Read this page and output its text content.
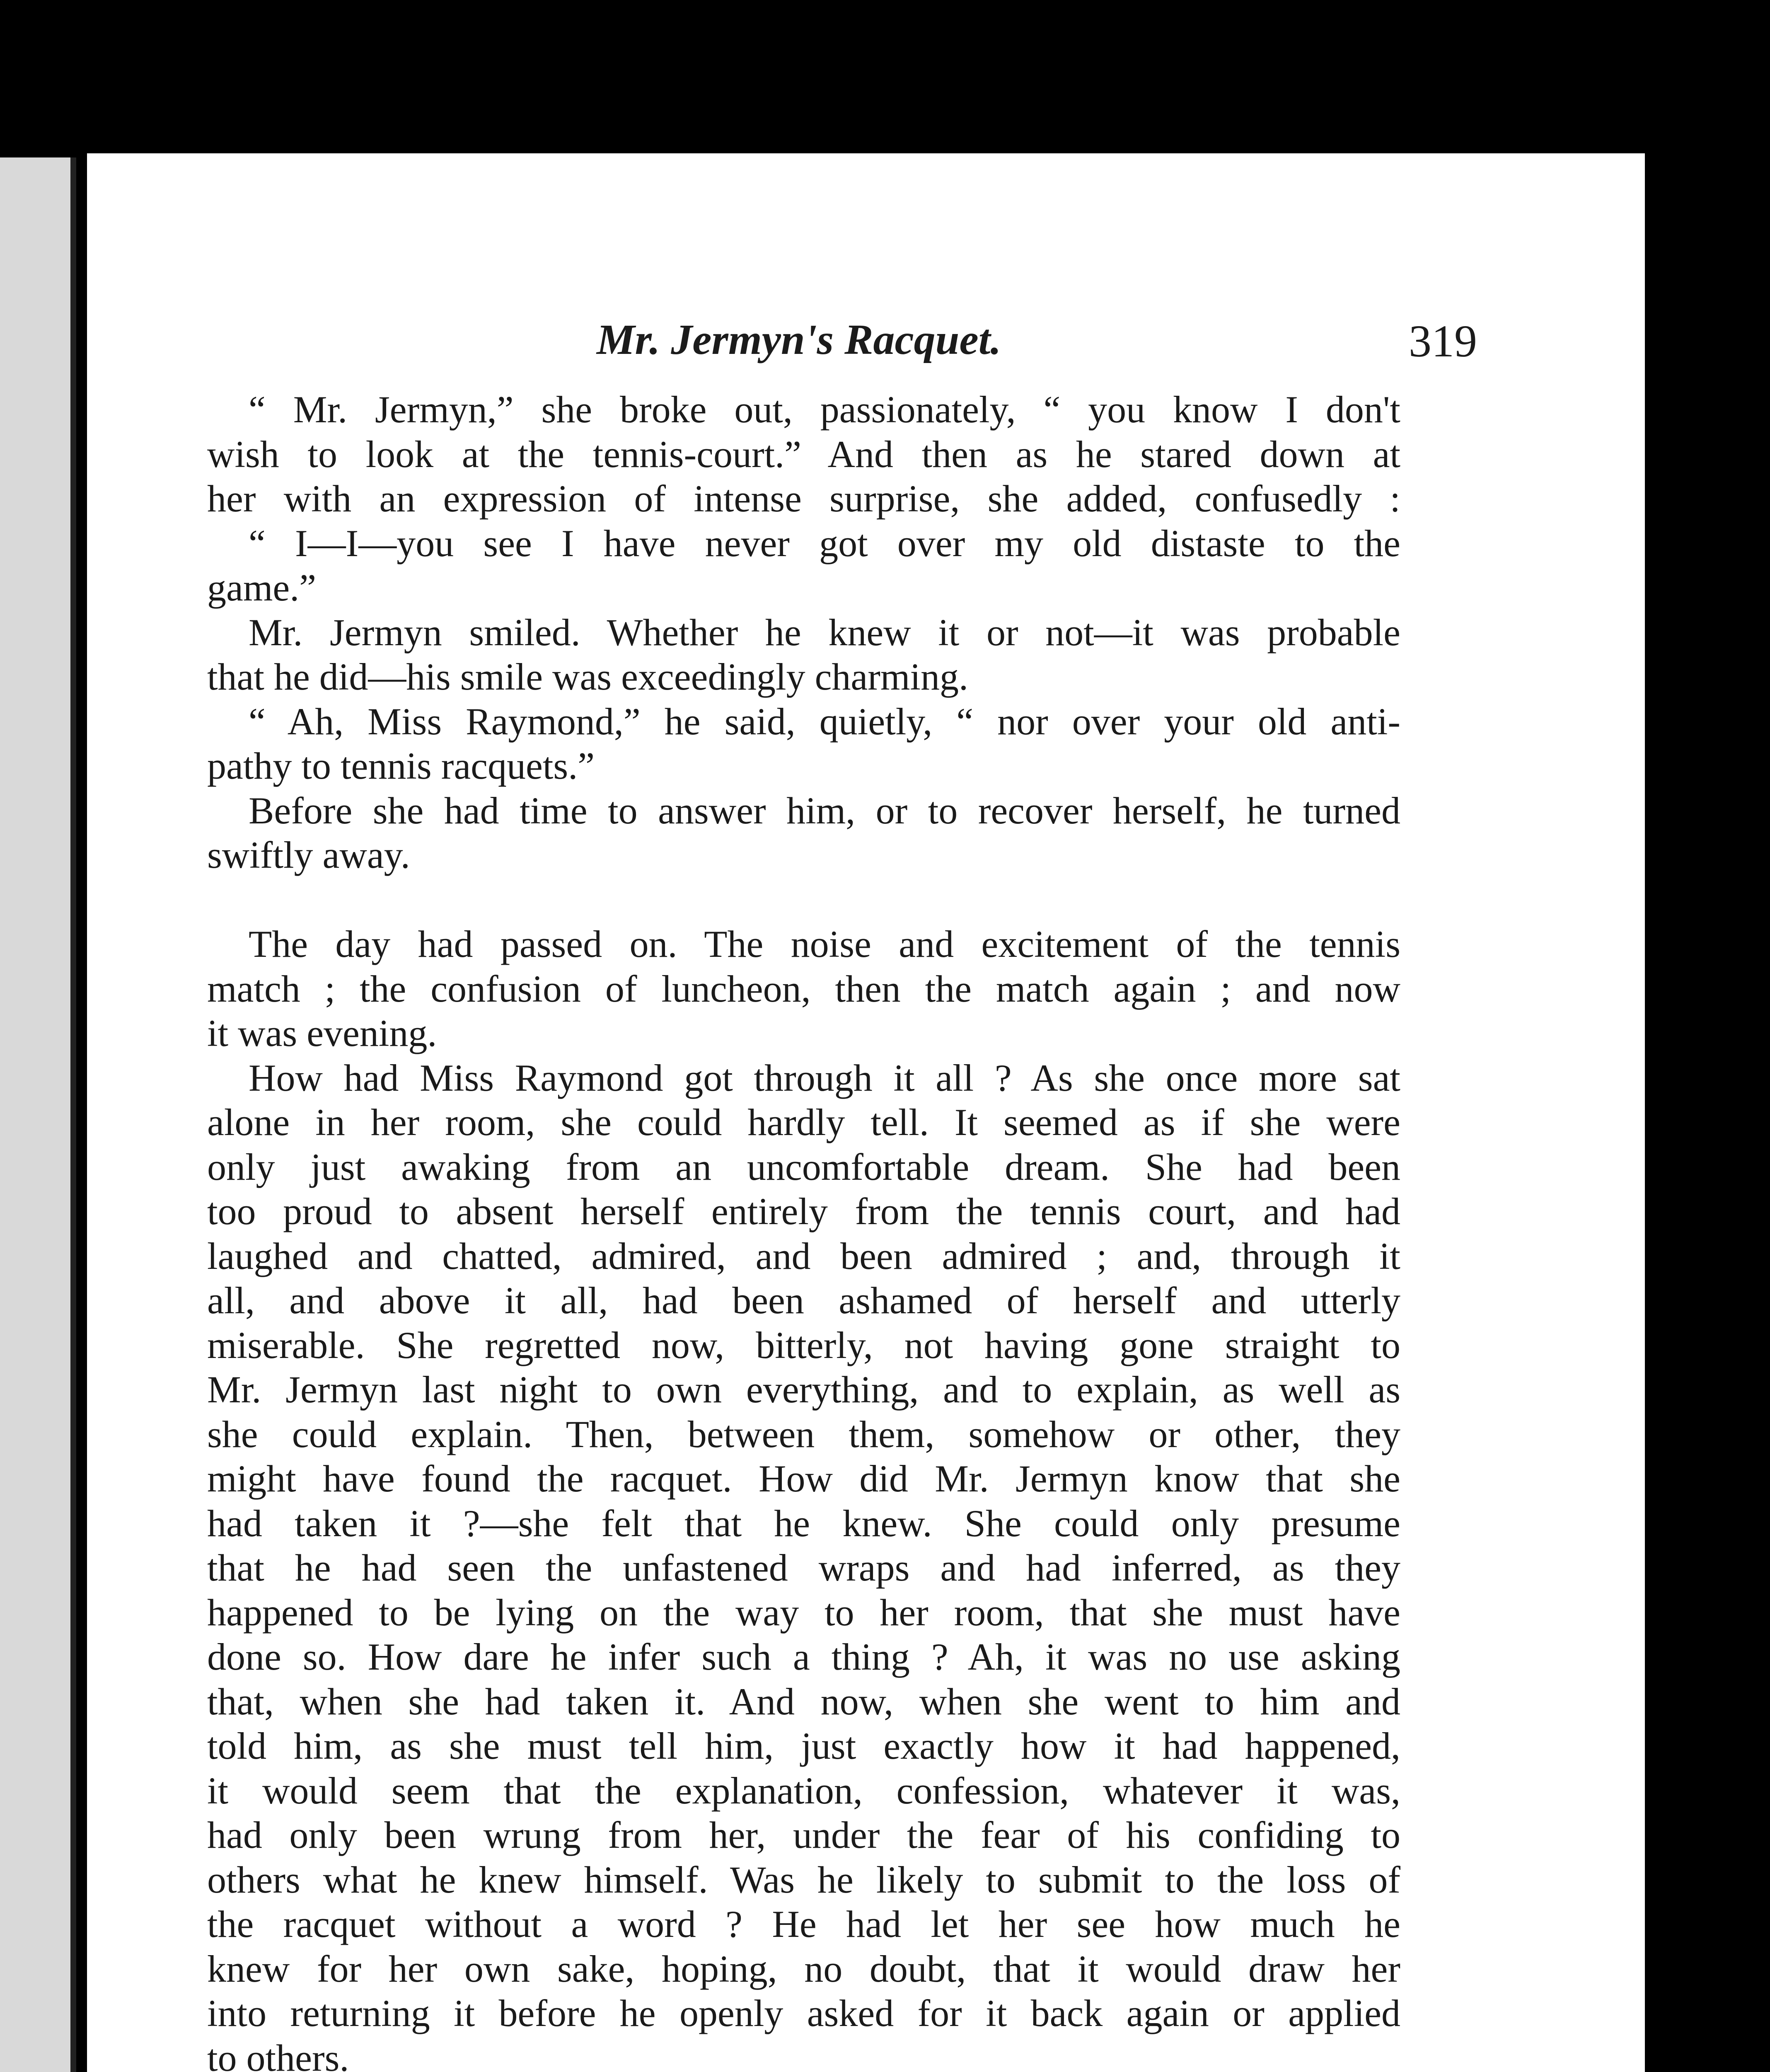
Mr. Jermyn's Racquet.	319
“ Mr. Jermyn,” she broke out, passionately, “ you know I don't
wish to look at the tennis-court.” And then as he stared down at
her with an expression of intense surprise, she added, confusedly :
“ I—I—you see I have never got over my old distaste to the
game.”
Mr. Jermyn smiled. Whether he knew it or not—it was probable
that he did—his smile was exceedingly charming.
“ Ah, Miss Raymond,” he said, quietly, “ nor over your old anti-
pathy to tennis racquets.”
Before she had time to answer him, or to recover herself, he turned
swiftly away.
The day had passed on. The noise and excitement of the tennis
match ; the confusion of luncheon, then the match again ; and now
it was evening.
How had Miss Raymond got through it all ? As she once more sat
alone in her room, she could hardly tell. It seemed as if she were
only just awaking from an uncomfortable dream. She had been
too proud to absent herself entirely from the tennis court, and had
laughed and chatted, admired, and been admired ; and, through it
all, and above it all, had been ashamed of herself and utterly
miserable. She regretted now, bitterly, not having gone straight to
Mr. Jermyn last night to own everything, and to explain, as well as
she could explain. Then, between them, somehow or other, they
might have found the racquet. How did Mr. Jermyn know that she
had taken it ?—she felt that he knew. She could only presume
that he had seen the unfastened wraps and had inferred, as they
happened to be lying on the way to her room, that she must have
done so. How dare he infer such a thing ? Ah, it was no use asking
that, when she had taken it. And now, when she went to him and
told him, as she must tell him, just exactly how it had happened,
it would seem that the explanation, confession, whatever it was,
had only been wrung from her, under the fear of his confiding to
others what he knew himself. Was he likely to submit to the loss of
the racquet without a word ? He had let her see how much he
knew for her own sake, hoping, no doubt, that it would draw her
into returning it before he openly asked for it back again or applied
to others.
